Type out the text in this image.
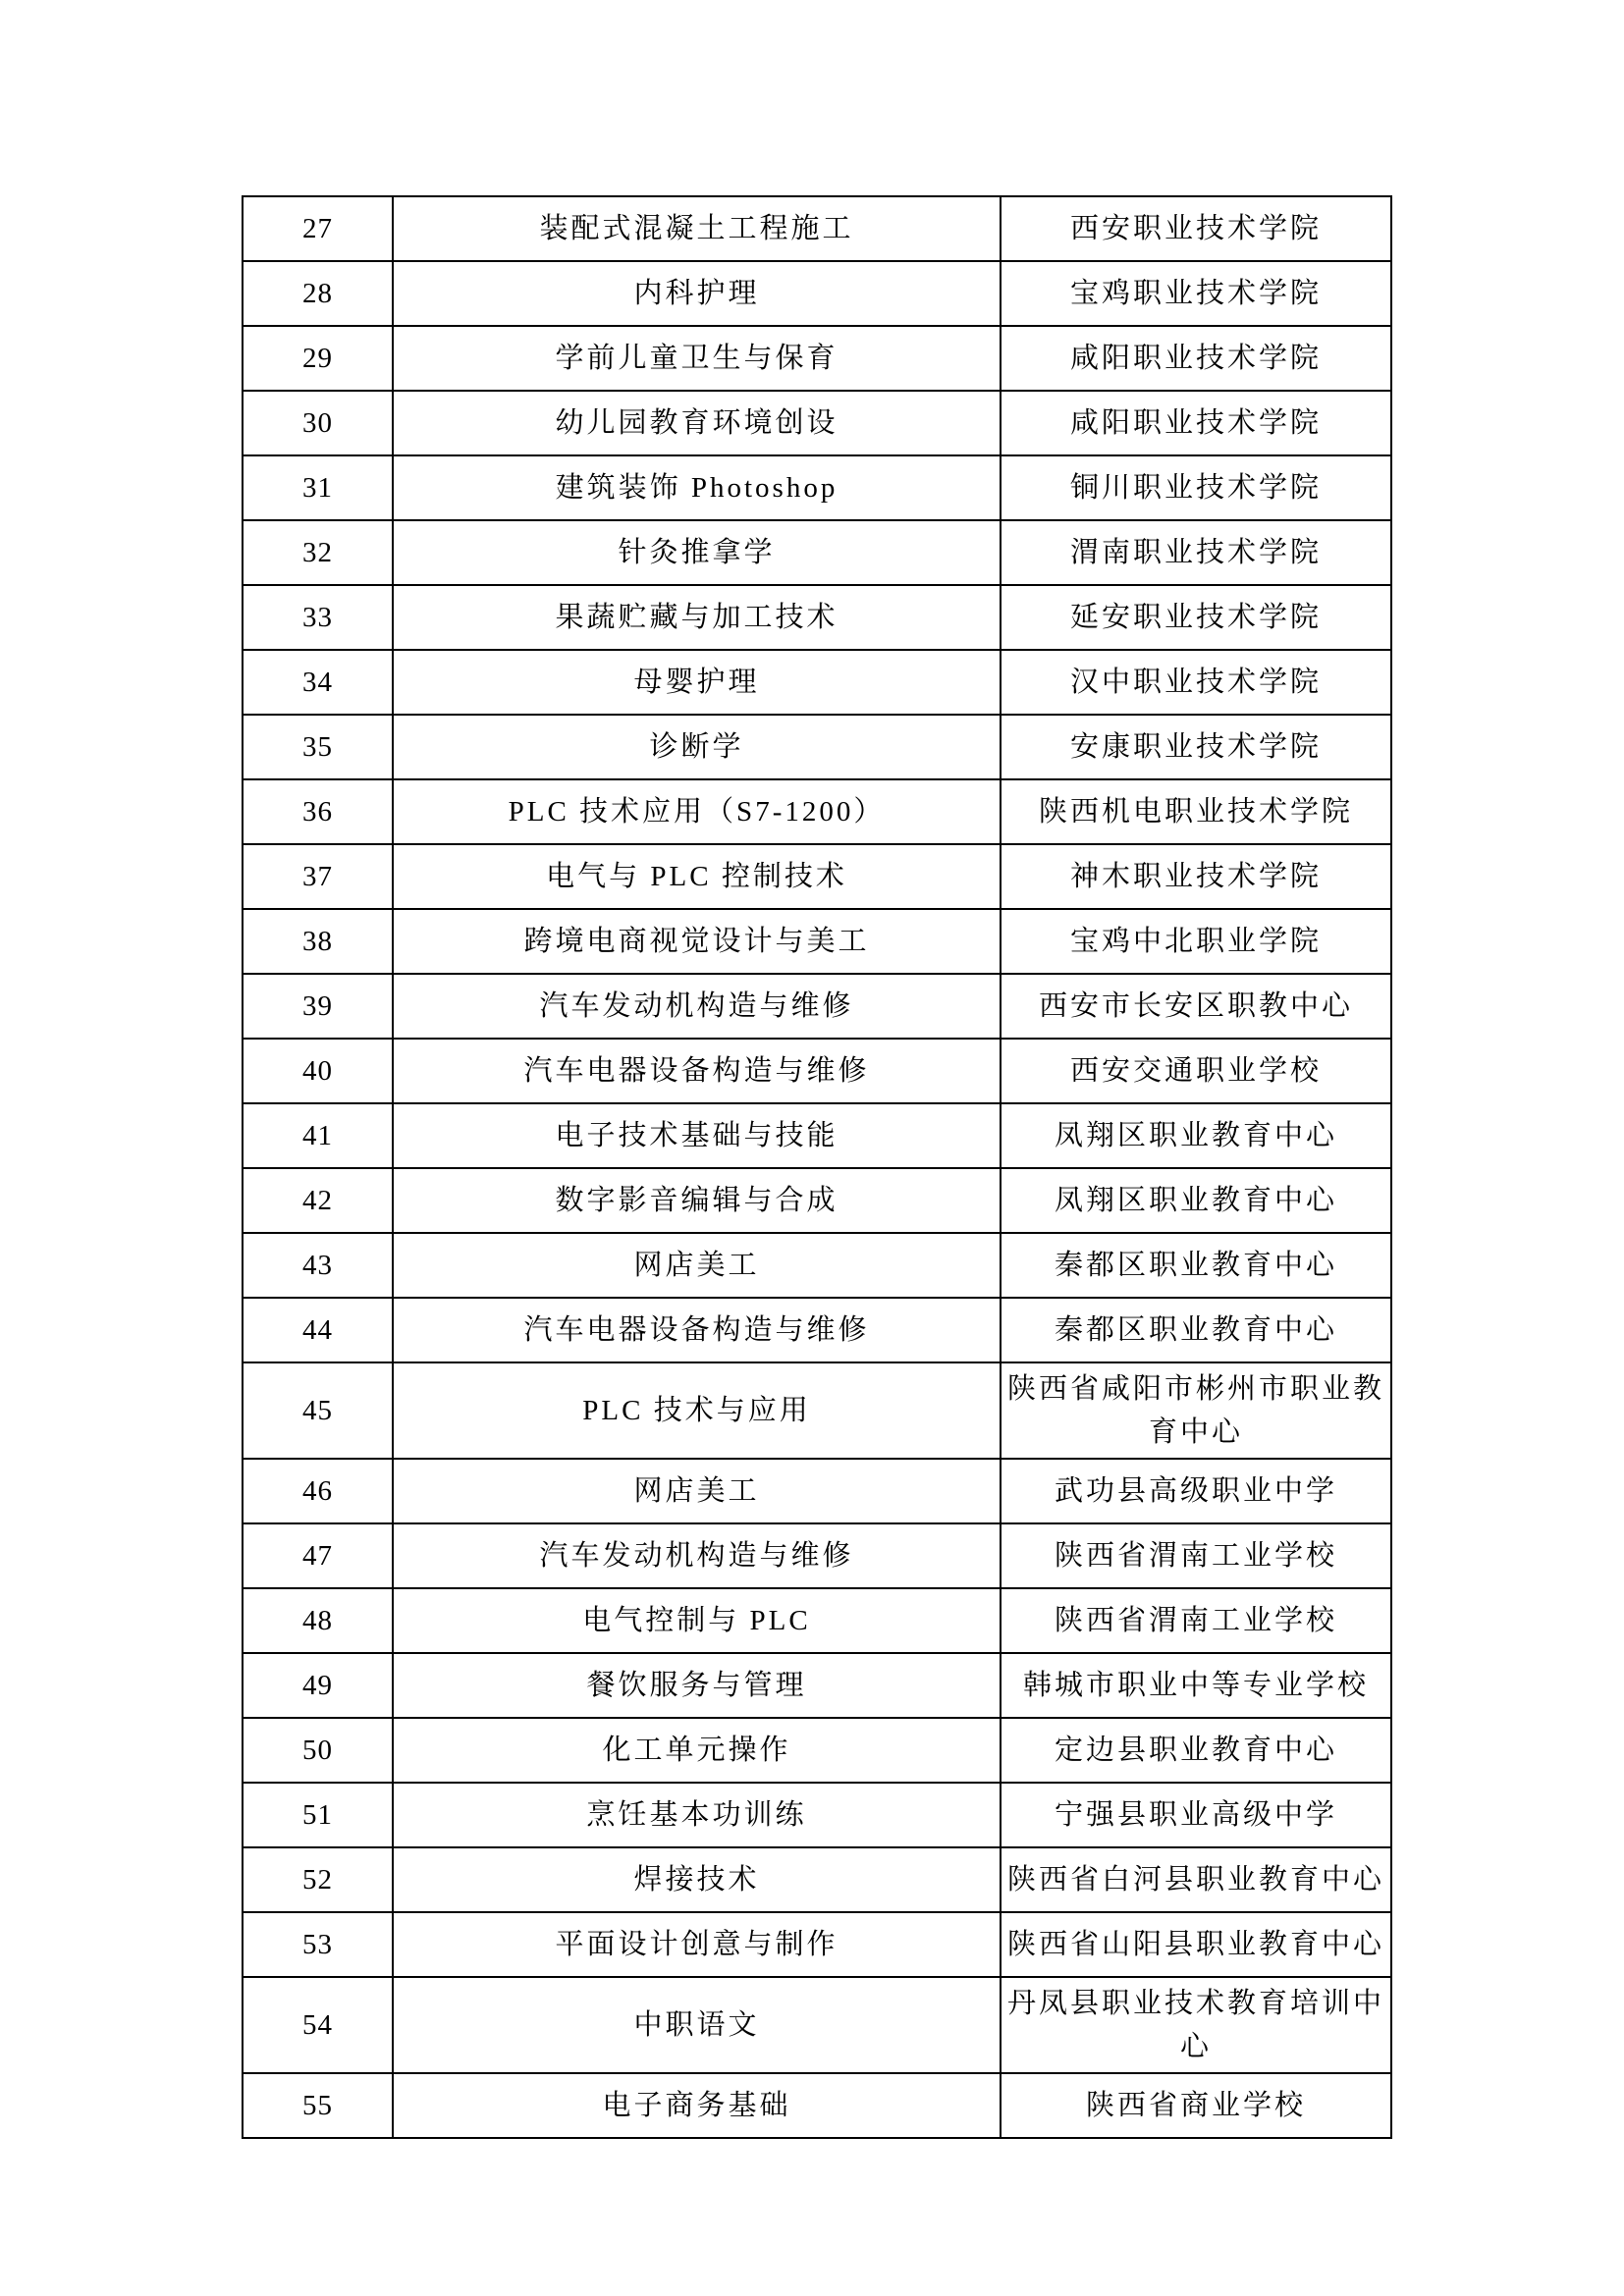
27	装配式混凝土工程施工	西安职业技术学院
28	内科护理	宝鸡职业技术学院
29	学前儿童卫生与保育	咸阳职业技术学院
30	幼儿园教育环境创设	咸阳职业技术学院
31	建筑装饰 Photoshop	铜川职业技术学院
32	针灸推拿学	渭南职业技术学院
33	果蔬贮藏与加工技术	延安职业技术学院
34	母婴护理	汉中职业技术学院
35	诊断学	安康职业技术学院
36	PLC 技术应用（S7-1200）	陕西机电职业技术学院
37	电气与 PLC 控制技术	神木职业技术学院
38	跨境电商视觉设计与美工	宝鸡中北职业学院
39	汽车发动机构造与维修	西安市长安区职教中心
40	汽车电器设备构造与维修	西安交通职业学校
41	电子技术基础与技能	凤翔区职业教育中心
42	数字影音编辑与合成	凤翔区职业教育中心
43	网店美工	秦都区职业教育中心
44	汽车电器设备构造与维修	秦都区职业教育中心
45	PLC 技术与应用	陕西省咸阳市彬州市职业教育中心
46	网店美工	武功县高级职业中学
47	汽车发动机构造与维修	陕西省渭南工业学校
48	电气控制与 PLC	陕西省渭南工业学校
49	餐饮服务与管理	韩城市职业中等专业学校
50	化工单元操作	定边县职业教育中心
51	烹饪基本功训练	宁强县职业高级中学
52	焊接技术	陕西省白河县职业教育中心
53	平面设计创意与制作	陕西省山阳县职业教育中心
54	中职语文	丹凤县职业技术教育培训中心
55	电子商务基础	陕西省商业学校
